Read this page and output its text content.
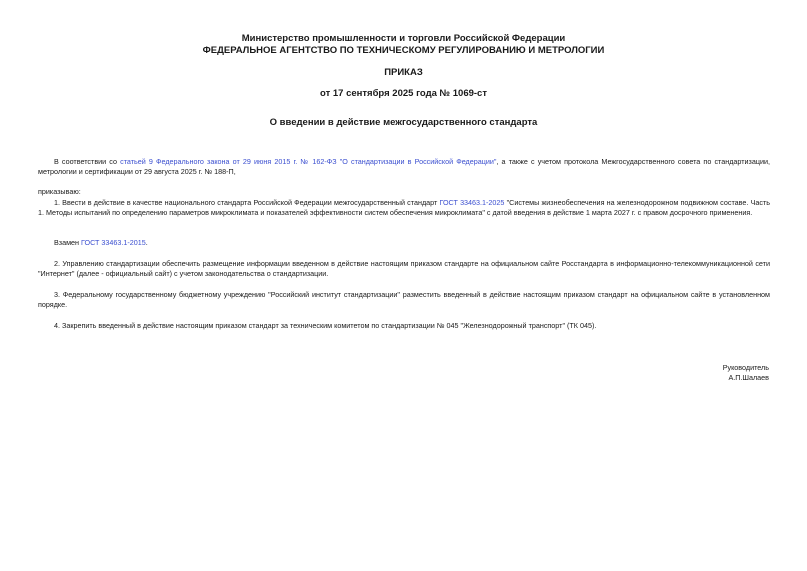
Министерство промышленности и торговли Российской Федерации
ФЕДЕРАЛЬНОЕ АГЕНТСТВО ПО ТЕХНИЧЕСКОМУ РЕГУЛИРОВАНИЮ И МЕТРОЛОГИИ
ПРИКАЗ
от 17 сентября 2025 года № 1069-ст
О введении в действие межгосударственного стандарта
В соответствии со статьей 9 Федерального закона от 29 июня 2015 г. № 162-ФЗ "О стандартизации в Российской Федерации", а также с учетом протокола Межгосударственного совета по стандартизации, метрологии и сертификации от 29 августа 2025 г. № 188-П,
приказываю:
1. Ввести в действие в качестве национального стандарта Российской Федерации межгосударственный стандарт ГОСТ 33463.1-2025 "Системы жизнеобеспечения на железнодорожном подвижном составе. Часть 1. Методы испытаний по определению параметров микроклимата и показателей эффективности систем обеспечения микроклимата" с датой введения в действие 1 марта 2027 г. с правом досрочного применения.
Взамен ГОСТ 33463.1-2015.
2. Управлению стандартизации обеспечить размещение информации введенном в действие настоящим приказом стандарте на официальном сайте Росстандарта в информационно-телекоммуникационной сети "Интернет" (далее - официальный сайт) с учетом законодательства о стандартизации.
3. Федеральному государственному бюджетному учреждению "Российский институт стандартизации" разместить введенный в действие настоящим приказом стандарт на официальном сайте в установленном порядке.
4. Закрепить введенный в действие настоящим приказом стандарт за техническим комитетом по стандартизации № 045 "Железнодорожный транспорт" (ТК 045).
Руководитель
А.П.Шалаев
